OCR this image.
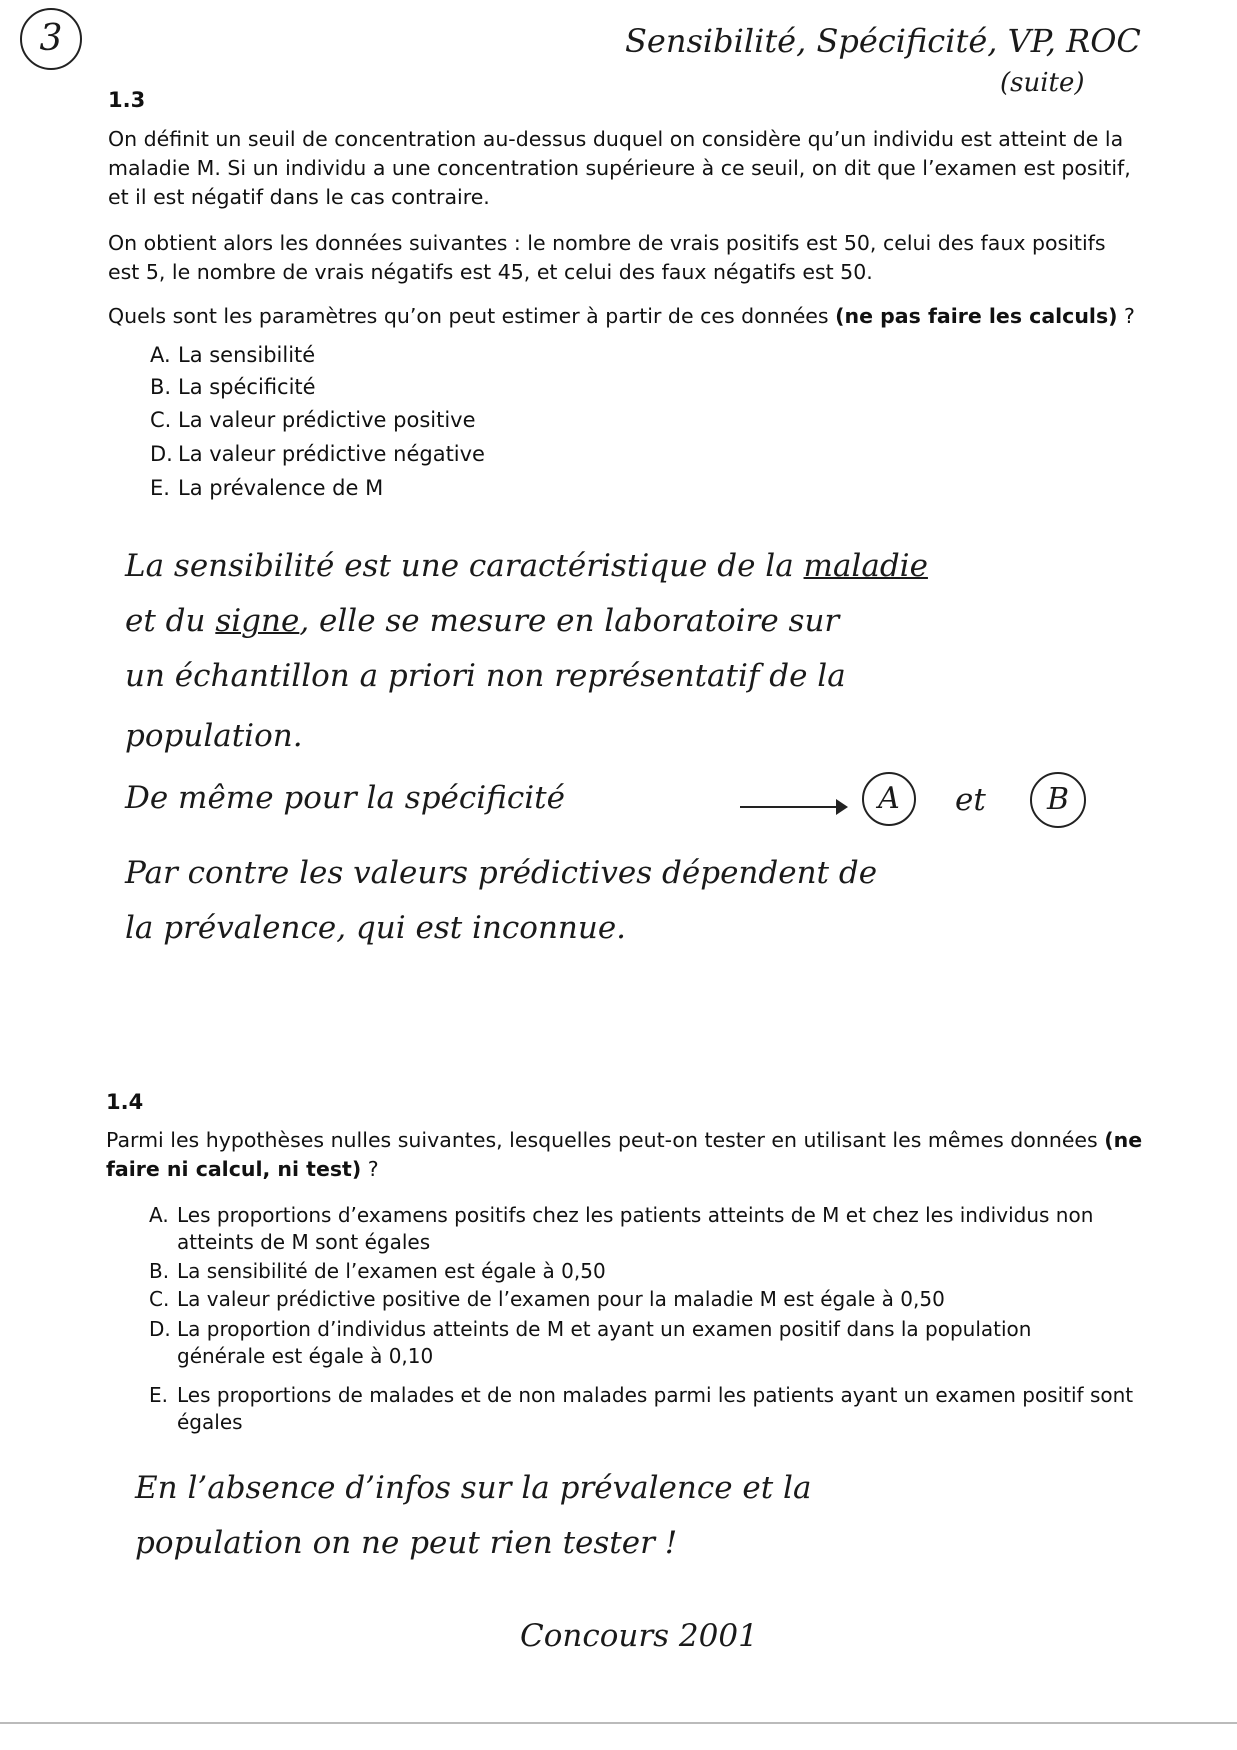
3	Sensibilité, Spécificité, VP, ROC
(suite)
1.3
On définit un seuil de concentration au-dessus duquel on considère qu’un individu est atteint de la maladie M. Si un individu a une concentration supérieure à ce seuil, on dit que l’examen est positif, et il est négatif dans le cas contraire.
On obtient alors les données suivantes : le nombre de vrais positifs est 50, celui des faux positifs est 5, le nombre de vrais négatifs est 45, et celui des faux négatifs est 50.
Quels sont les paramètres qu’on peut estimer à partir de ces données (ne pas faire les calculs) ?
A. La sensibilité
B. La spécificité
C. La valeur prédictive positive
D. La valeur prédictive négative
E. La prévalence de M
La sensibilité est une caractéristique de la maladie
et du signe, elle se mesure en laboratoire sur
un échantillon a priori non représentatif de la
population.
De même pour la spécificité	A	et	B
Par contre les valeurs prédictives dépendent de
la prévalence, qui est inconnue.
1.4
Parmi les hypothèses nulles suivantes, lesquelles peut-on tester en utilisant les mêmes données (ne faire ni calcul, ni test) ?
A. Les proportions d’examens positifs chez les patients atteints de M et chez les individus non atteints de M sont égales
B. La sensibilité de l’examen est égale à 0,50
C. La valeur prédictive positive de l’examen pour la maladie M est égale à 0,50
D. La proportion d’individus atteints de M et ayant un examen positif dans la population générale est égale à 0,10
E. Les proportions de malades et de non malades parmi les patients ayant un examen positif sont égales
En l’absence d’infos sur la prévalence et la
population on ne peut rien tester !
Concours 2001
